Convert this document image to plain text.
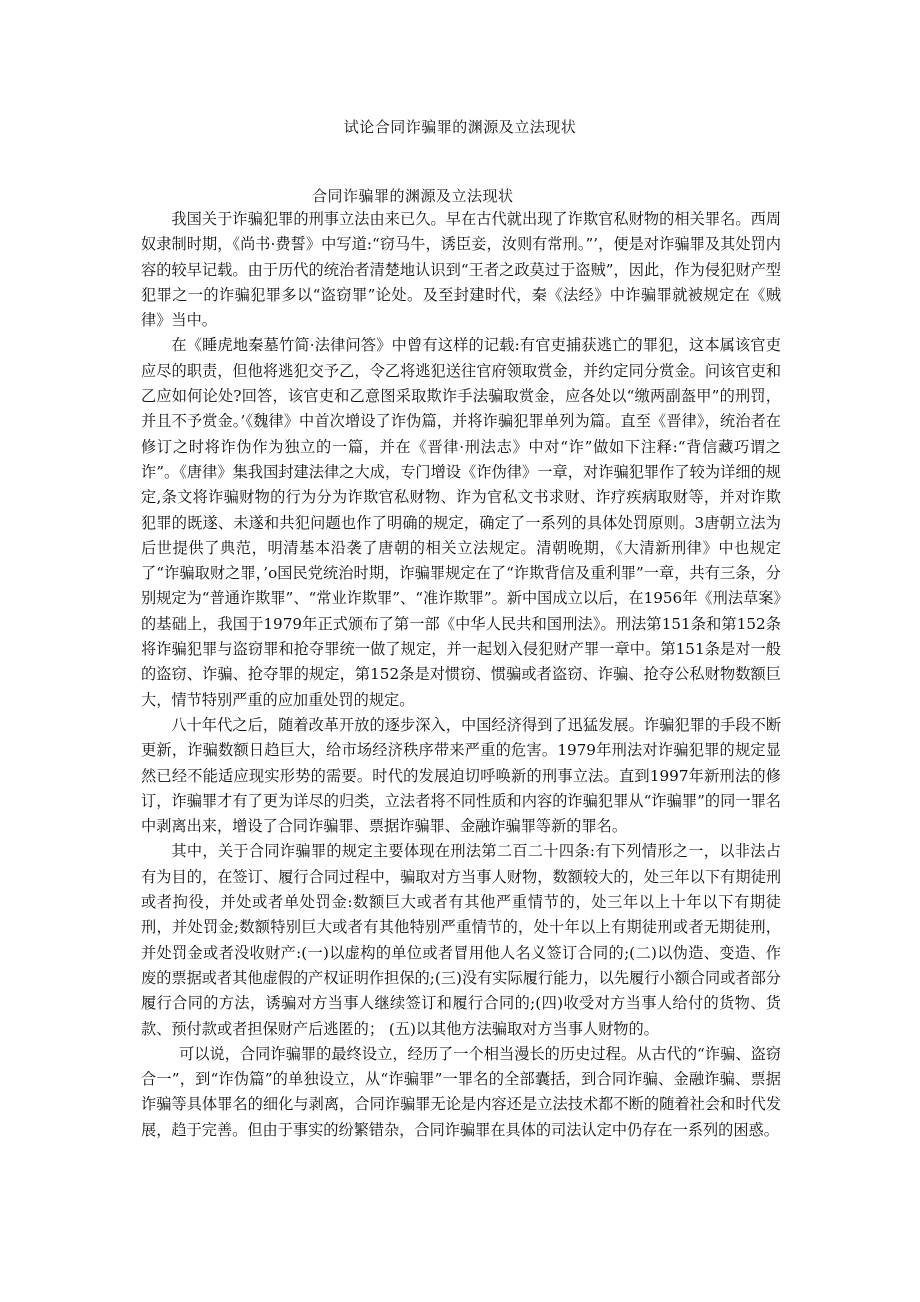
试论合同诈骗罪的渊源及立法现状
合同诈骗罪的渊源及立法现状

我国关于诈骗犯罪的刑事立法由来已久。早在古代就出现了诈欺官私财物的相关罪名。西周奴隶制时期，《尚书·费誓》中写道:“窃马牛，诱臣妾，汝则有常刑。”’，便是对诈骗罪及其处罚内容的较早记载。由于历代的统治者清楚地认识到“王者之政莫过于盗贼”，因此，作为侵犯财产型犯罪之一的诈骗犯罪多以“盗窃罪”论处。及至封建时代，秦《法经》中诈骗罪就被规定在《贼律》当中。

在《睡虎地秦墓竹简·法律问答》中曾有这样的记载:有官吏捕获逃亡的罪犯，这本属该官吏应尽的职责，但他将逃犯交予乙，令乙将逃犯送往官府领取赏金，并约定同分赏金。问该官吏和乙应如何论处?回答，该官吏和乙意图采取欺诈手法骗取赏金，应各处以“缴两副盔甲”的刑罚，并且不予赏金。’《魏律》中首次增设了诈伪篇，并将诈骗犯罪单列为篇。直至《晋律》，统治者在修订之时将诈伪作为独立的一篇，并在《晋律·刑法志》中对“诈”做如下注释:“背信藏巧谓之诈”。《唐律》集我国封建法律之大成，专门增设《诈伪律》一章，对诈骗犯罪作了较为详细的规定,条文将诈骗财物的行为分为诈欺官私财物、诈为官私文书求财、诈疗疾病取财等，并对诈欺犯罪的既遂、未遂和共犯问题也作了明确的规定，确定了一系列的具体处罚原则。3唐朝立法为后世提供了典范，明清基本沿袭了唐朝的相关立法规定。清朝晚期，《大清新刑律》中也规定了“诈骗取财之罪，’o国民党统治时期，诈骗罪规定在了“诈欺背信及重利罪”一章，共有三条，分别规定为“普通诈欺罪”、“常业诈欺罪”、“准诈欺罪”。新中国成立以后，在1956年《刑法草案》的基础上，我国于1979年正式颁布了第一部《中华人民共和国刑法》。刑法第151条和第152条将诈骗犯罪与盗窃罪和抢夺罪统一做了规定，并一起划入侵犯财产罪一章中。第151条是对一般的盗窃、诈骗、抢夺罪的规定，第152条是对惯窃、惯骗或者盗窃、诈骗、抢夺公私财物数额巨大，情节特别严重的应加重处罚的规定。

八十年代之后，随着改革开放的逐步深入，中国经济得到了迅猛发展。诈骗犯罪的手段不断更新，诈骗数额日趋巨大，给市场经济秩序带来严重的危害。1979年刑法对诈骗犯罪的规定显然已经不能适应现实形势的需要。时代的发展迫切呼唤新的刑事立法。直到1997年新刑法的修订，诈骗罪才有了更为详尽的归类，立法者将不同性质和内容的诈骗犯罪从“诈骗罪”的同一罪名中剥离出来，增设了合同诈骗罪、票据诈骗罪、金融诈骗罪等新的罪名。

其中，关于合同诈骗罪的规定主要体现在刑法第二百二十四条:有下列情形之一，以非法占有为目的，在签订、履行合同过程中，骗取对方当事人财物，数额较大的，处三年以下有期徒刑或者拘役，并处或者单处罚金:数额巨大或者有其他严重情节的，处三年以上十年以下有期徒刑，并处罚金;数额特别巨大或者有其他特别严重情节的，处十年以上有期徒刑或者无期徒刑，并处罚金或者没收财产:(一)以虚构的单位或者冒用他人名义签订合同的;(二)以伪造、变造、作废的票据或者其他虚假的产权证明作担保的;(三)没有实际履行能力，以先履行小额合同或者部分履行合同的方法，诱骗对方当事人继续签订和履行合同的;(四)收受对方当事人给付的货物、货款、预付款或者担保财产后逃匿的； (五)以其他方法骗取对方当事人财物的。

可以说，合同诈骗罪的最终设立，经历了一个相当漫长的历史过程。从古代的“诈骗、盗窃合一”，到“诈伪篇”的单独设立，从“诈骗罪”一罪名的全部囊括，到合同诈骗、金融诈骗、票据诈骗等具体罪名的细化与剥离，合同诈骗罪无论是内容还是立法技术都不断的随着社会和时代发展，趋于完善。但由于事实的纷繁错杂，合同诈骗罪在具体的司法认定中仍存在一系列的困惑。
